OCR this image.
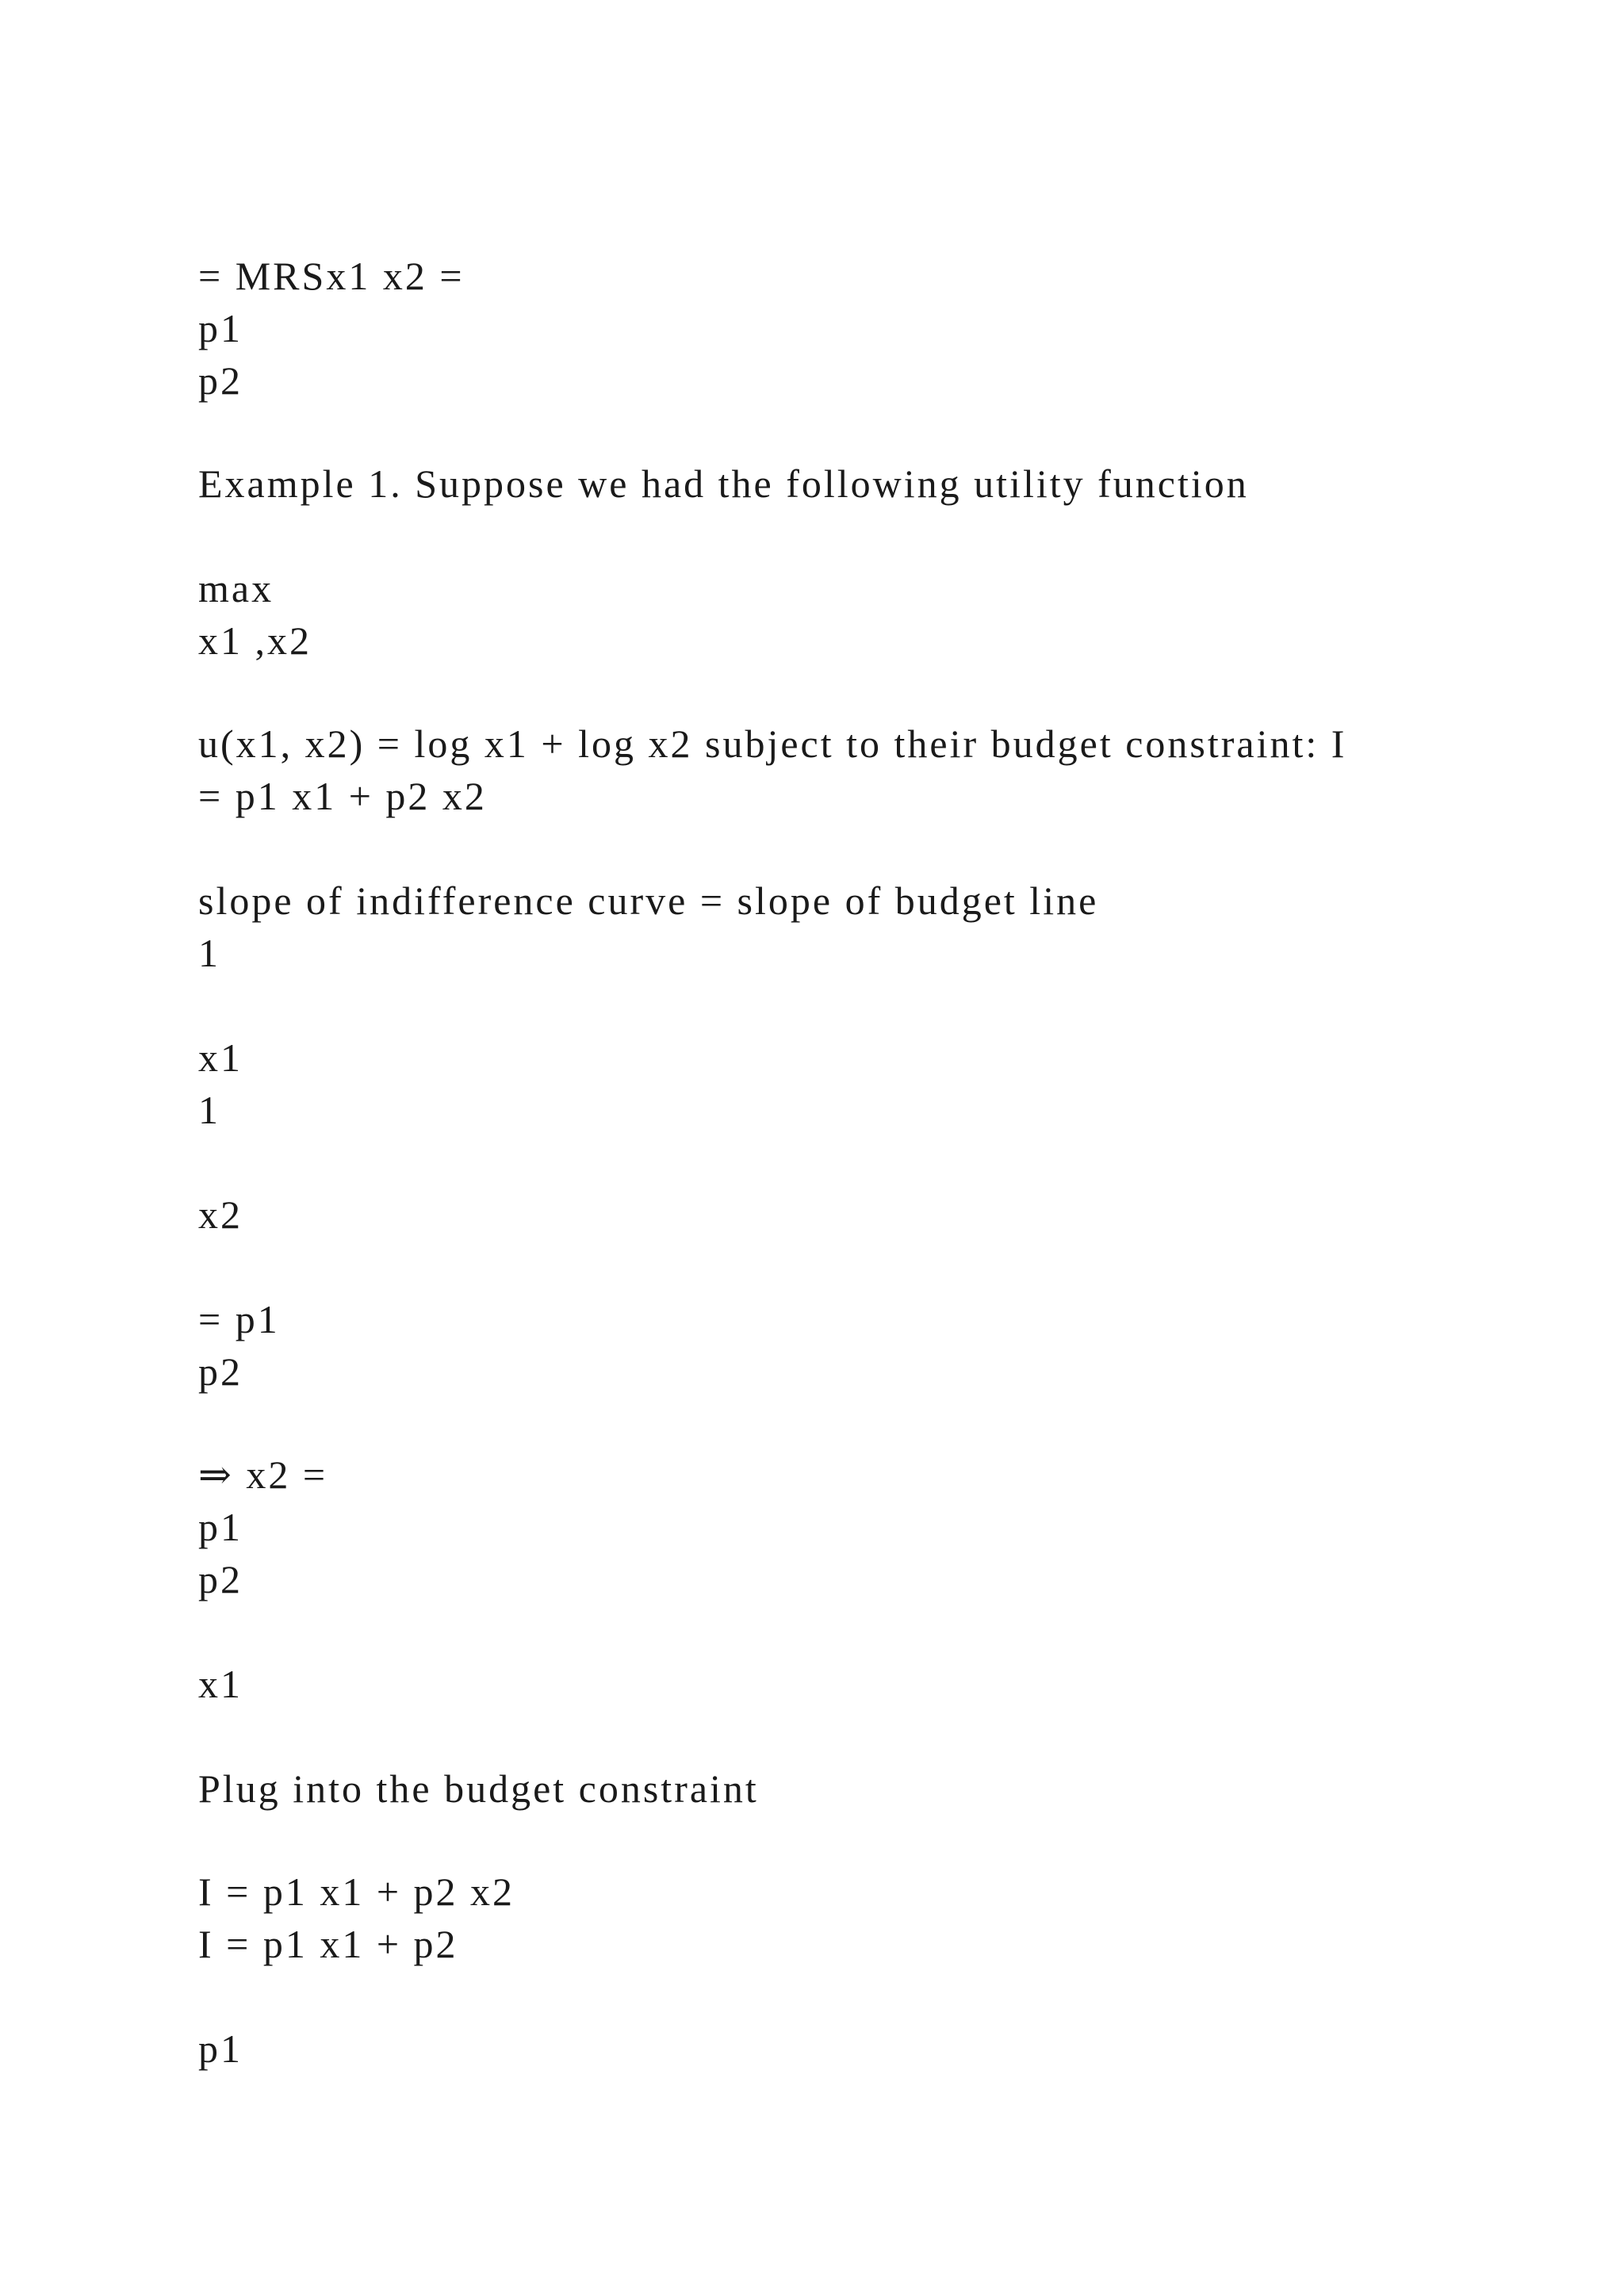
= MRSx1 x2 =
p1
p2
Example 1. Suppose we had the following utility function
max
x1 ,x2
u(x1, x2) = log x1 + log x2 subject to their budget constraint: I
= p1 x1 + p2 x2
slope of indifference curve = slope of budget line
1
x1
1
x2
= p1
p2
⇒ x2 =
p1
p2
x1
Plug into the budget constraint
I = p1 x1 + p2 x2
I = p1 x1 + p2
p1
